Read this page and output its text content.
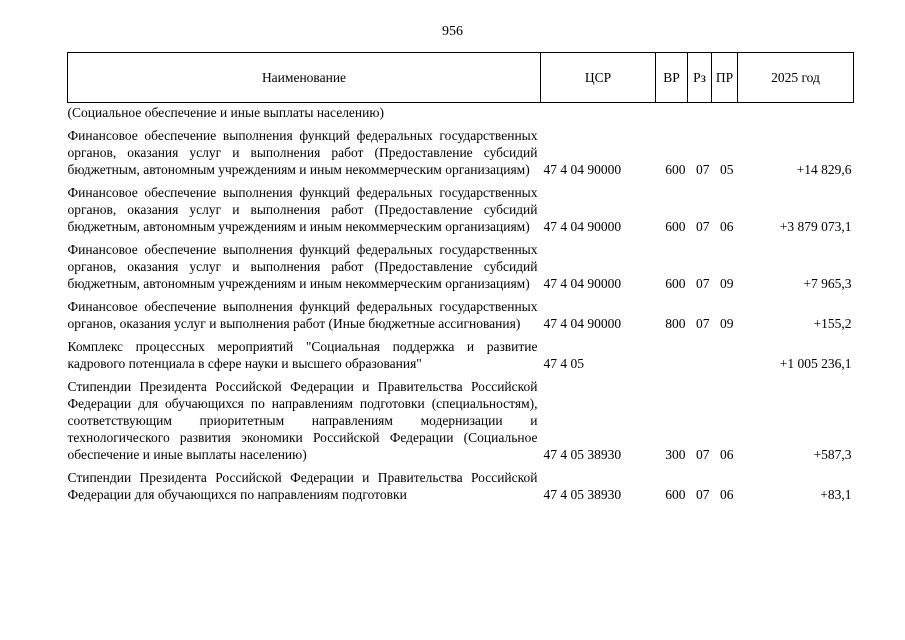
956
Наименование	ЦСР	ВР	Рз	ПР	2025 год
(Социальное обеспечение и иные выплаты населению)					
Финансовое обеспечение выполнения функций федеральных государственных органов, оказания услуг и выполнения работ (Предоставление субсидий бюджетным, автономным учреждениям и иным некоммерческим организациям)	47 4 04 90000	600	07	05	+14 829,6
Финансовое обеспечение выполнения функций федеральных государственных органов, оказания услуг и выполнения работ (Предоставление субсидий бюджетным, автономным учреждениям и иным некоммерческим организациям)	47 4 04 90000	600	07	06	+3 879 073,1
Финансовое обеспечение выполнения функций федеральных государственных органов, оказания услуг и выполнения работ (Предоставление субсидий бюджетным, автономным учреждениям и иным некоммерческим организациям)	47 4 04 90000	600	07	09	+7 965,3
Финансовое обеспечение выполнения функций федеральных государственных органов, оказания услуг и выполнения работ (Иные бюджетные ассигнования)	47 4 04 90000	800	07	09	+155,2
Комплекс процессных мероприятий "Социальная поддержка и развитие кадрового потенциала в сфере науки и высшего образования"	47 4 05				+1 005 236,1
Стипендии Президента Российской Федерации и Правительства Российской Федерации для обучающихся по направлениям подготовки (специальностям), соответствующим приоритетным направлениям модернизации и технологического развития экономики Российской Федерации (Социальное обеспечение и иные выплаты населению)	47 4 05 38930	300	07	06	+587,3
Стипендии Президента Российской Федерации и Правительства Российской Федерации для обучающихся по направлениям подготовки	47 4 05 38930	600	07	06	+83,1
